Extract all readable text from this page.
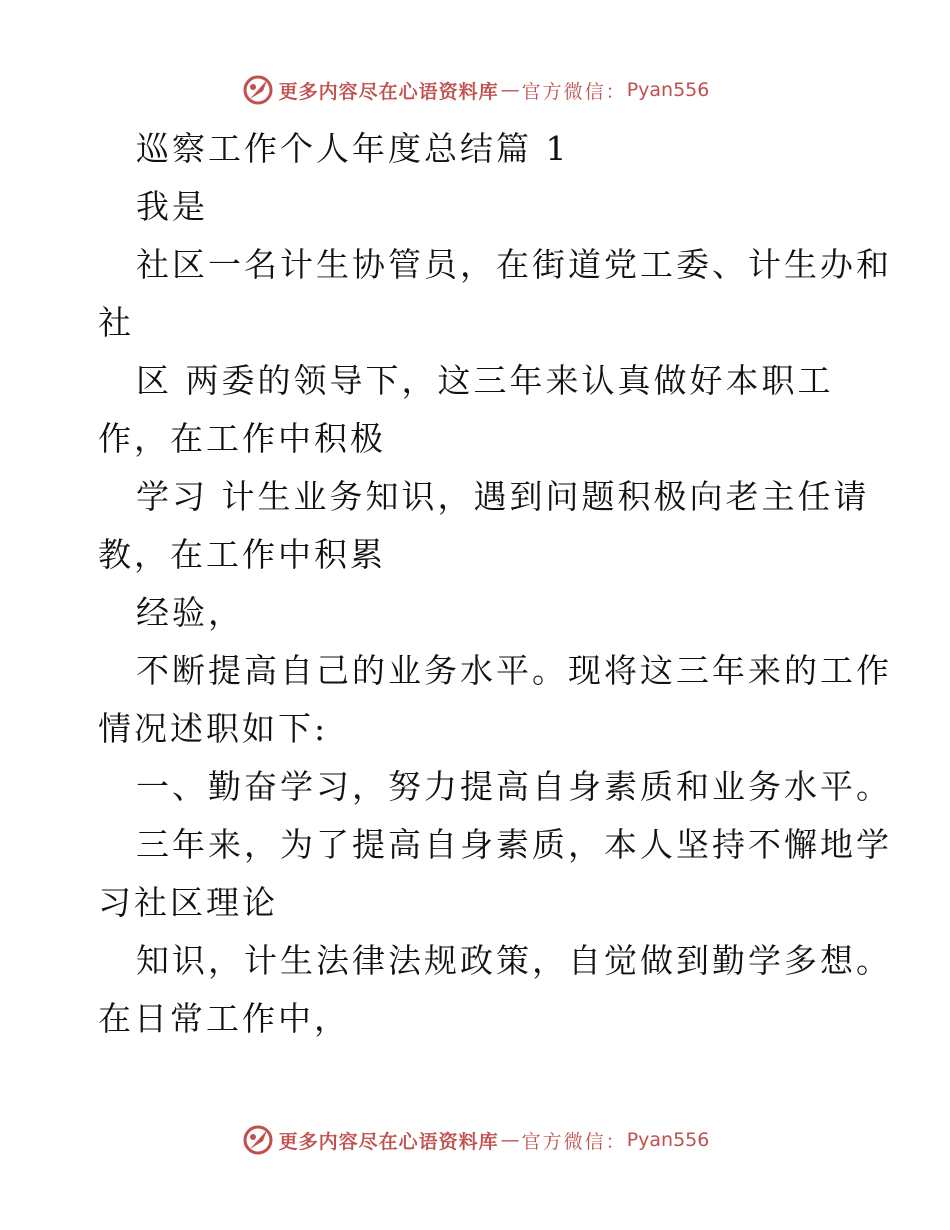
更多内容尽在心语资料库 — 官方微信： Pyan556
巡察工作个人年度总结篇 1
我是
社区一名计生协管员，在街道党工委、计生办和
社
区 两委的领导下，这三年来认真做好本职工
作，在工作中积极
学习 计生业务知识，遇到问题积极向老主任请
教，在工作中积累
经验，
不断提高自己的业务水平。现将这三年来的工作
情况述职如下:
一、勤奋学习，努力提高自身素质和业务水平。
三年来，为了提高自身素质，本人坚持不懈地学
习社区理论
知识，计生法律法规政策，自觉做到勤学多想。
在日常工作中，
更多内容尽在心语资料库 — 官方微信： Pyan556
